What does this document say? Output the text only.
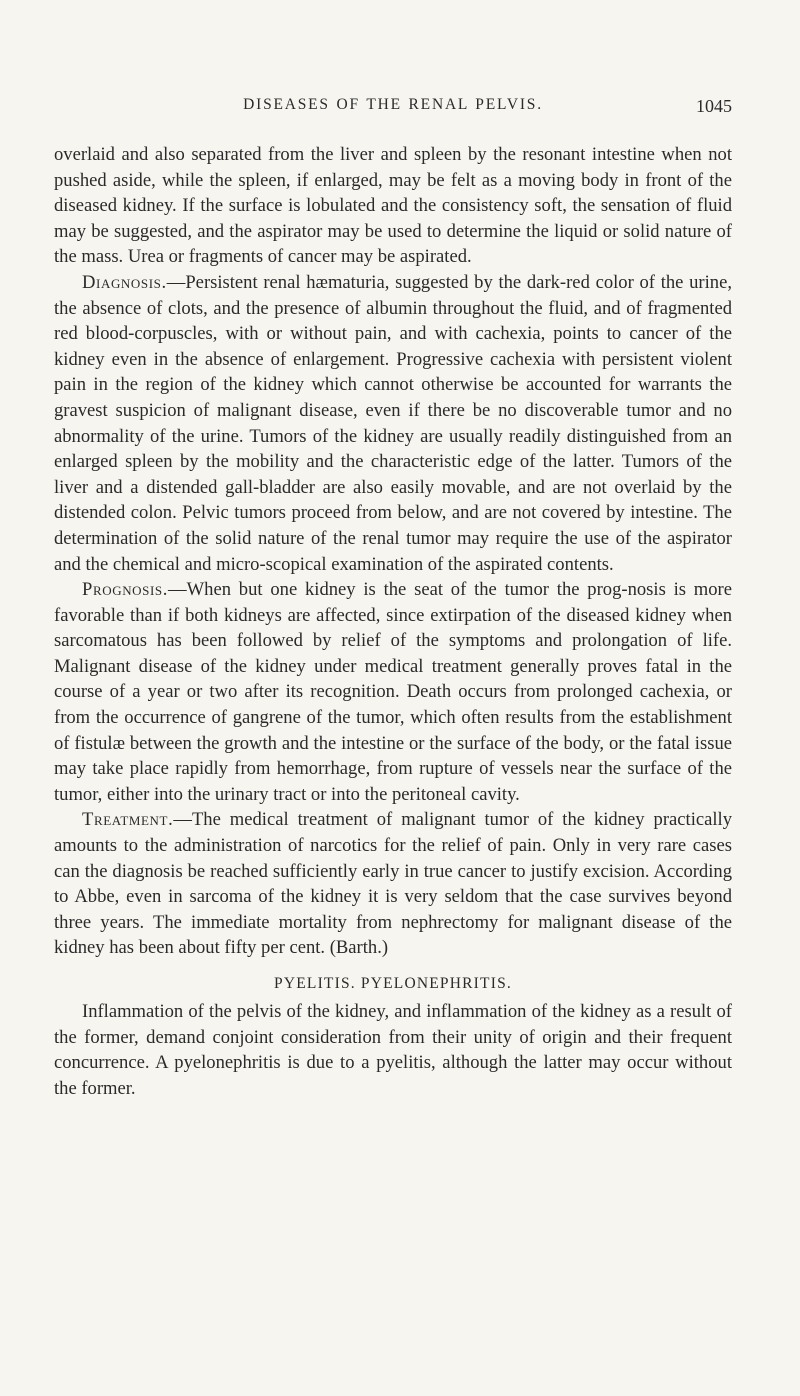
DISEASES OF THE RENAL PELVIS.	1045

overlaid and also separated from the liver and spleen by the resonant intestine when not pushed aside, while the spleen, if enlarged, may be felt as a moving body in front of the diseased kidney. If the surface is lobulated and the consistency soft, the sensation of fluid may be suggested, and the aspirator may be used to determine the liquid or solid nature of the mass. Urea or fragments of cancer may be aspirated.

Diagnosis.—Persistent renal hæmaturia, suggested by the dark-red color of the urine, the absence of clots, and the presence of albumin throughout the fluid, and of fragmented red blood-corpuscles, with or without pain, and with cachexia, points to cancer of the kidney even in the absence of enlargement. Progressive cachexia with persistent violent pain in the region of the kidney which cannot otherwise be accounted for warrants the gravest suspicion of malignant disease, even if there be no discoverable tumor and no abnormality of the urine. Tumors of the kidney are usually readily distinguished from an enlarged spleen by the mobility and the characteristic edge of the latter. Tumors of the liver and a distended gall-bladder are also easily movable, and are not overlaid by the distended colon. Pelvic tumors proceed from below, and are not covered by intestine. The determination of the solid nature of the renal tumor may require the use of the aspirator and the chemical and micro-scopical examination of the aspirated contents.

Prognosis.—When but one kidney is the seat of the tumor the prog-nosis is more favorable than if both kidneys are affected, since extirpation of the diseased kidney when sarcomatous has been followed by relief of the symptoms and prolongation of life. Malignant disease of the kidney under medical treatment generally proves fatal in the course of a year or two after its recognition. Death occurs from prolonged cachexia, or from the occurrence of gangrene of the tumor, which often results from the establishment of fistulæ between the growth and the intestine or the surface of the body, or the fatal issue may take place rapidly from hemorrhage, from rupture of vessels near the surface of the tumor, either into the urinary tract or into the peritoneal cavity.

Treatment.—The medical treatment of malignant tumor of the kidney practically amounts to the administration of narcotics for the relief of pain. Only in very rare cases can the diagnosis be reached sufficiently early in true cancer to justify excision. According to Abbe, even in sarcoma of the kidney it is very seldom that the case survives beyond three years. The immediate mortality from nephrectomy for malignant disease of the kidney has been about fifty per cent. (Barth.)

PYELITIS. PYELONEPHRITIS.

Inflammation of the pelvis of the kidney, and inflammation of the kidney as a result of the former, demand conjoint consideration from their unity of origin and their frequent concurrence. A pyelonephritis is due to a pyelitis, although the latter may occur without the former.
